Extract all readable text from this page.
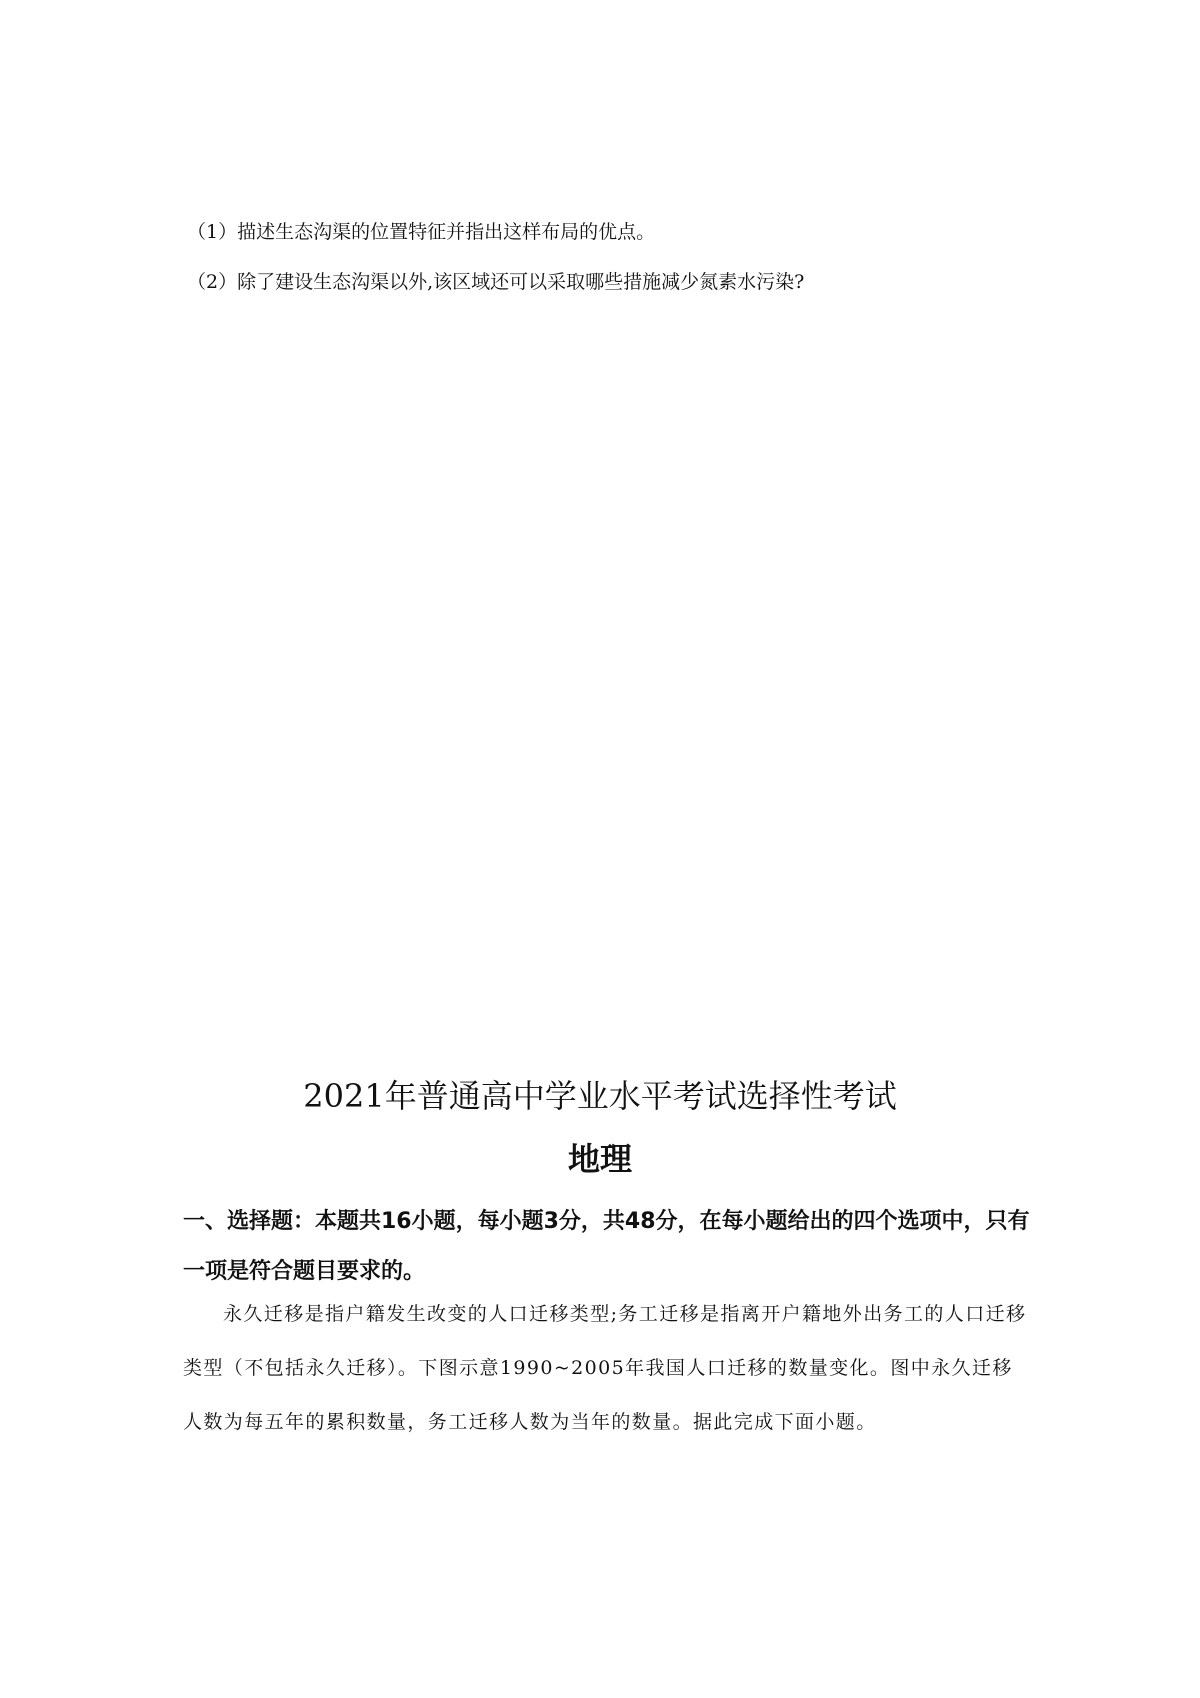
（1）描述生态沟渠的位置特征并指出这样布局的优点。
（2）除了建设生态沟渠以外,该区域还可以采取哪些措施减少氮素水污染?
2021年普通高中学业水平考试选择性考试
地理
一、选择题：本题共16小题，每小题3分，共48分，在每小题给出的四个选项中，只有一项是符合题目要求的。
永久迁移是指户籍发生改变的人口迁移类型;务工迁移是指离开户籍地外出务工的人口迁移类型（不包括永久迁移）。下图示意1990~2005年我国人口迁移的数量变化。图中永久迁移人数为每五年的累积数量，务工迁移人数为当年的数量。据此完成下面小题。
